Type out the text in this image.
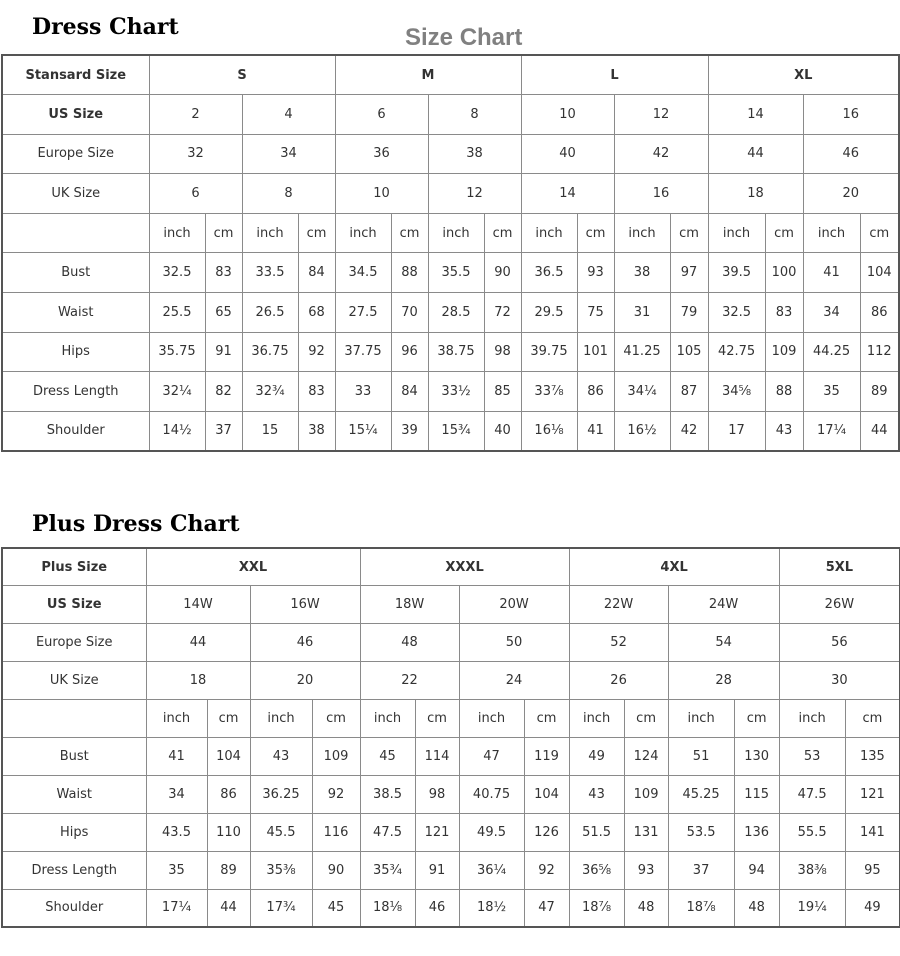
Dress Chart	Size Chart
Stansard Size	S				M				L				XL			
US Size	2		4		6		8		10		12		14		16	
Europe Size	32		34		36		38		40		42		44		46	
UK Size	6		8		10		12		14		16		18		20	
	inch	cm	inch	cm	inch	cm	inch	cm	inch	cm	inch	cm	inch	cm	inch	cm
Bust	32.5	83	33.5	84	34.5	88	35.5	90	36.5	93	38	97	39.5	100	41	104
Waist	25.5	65	26.5	68	27.5	70	28.5	72	29.5	75	31	79	32.5	83	34	86
Hips	35.75	91	36.75	92	37.75	96	38.75	98	39.75	101	41.25	105	42.75	109	44.25	112
Dress Length	32¼	82	32¾	83	33	84	33½	85	33⅞	86	34¼	87	34⅝	88	35	89
Shoulder	14½	37	15	38	15¼	39	15¾	40	16⅛	41	16½	42	17	43	17¼	44
Plus Dress Chart
Plus Size	XXL				XXXL				4XL				5XL	
US Size	14W		16W		18W		20W		22W		24W		26W	
Europe Size	44		46		48		50		52		54		56	
UK Size	18		20		22		24		26		28		30	
	inch	cm	inch	cm	inch	cm	inch	cm	inch	cm	inch	cm	inch	cm
Bust	41	104	43	109	45	114	47	119	49	124	51	130	53	135
Waist	34	86	36.25	92	38.5	98	40.75	104	43	109	45.25	115	47.5	121
Hips	43.5	110	45.5	116	47.5	121	49.5	126	51.5	131	53.5	136	55.5	141
Dress Length	35	89	35⅜	90	35¾	91	36¼	92	36⅝	93	37	94	38⅜	95
Shoulder	17¼	44	17¾	45	18⅛	46	18½	47	18⅞	48	18⅞	48	19¼	49
